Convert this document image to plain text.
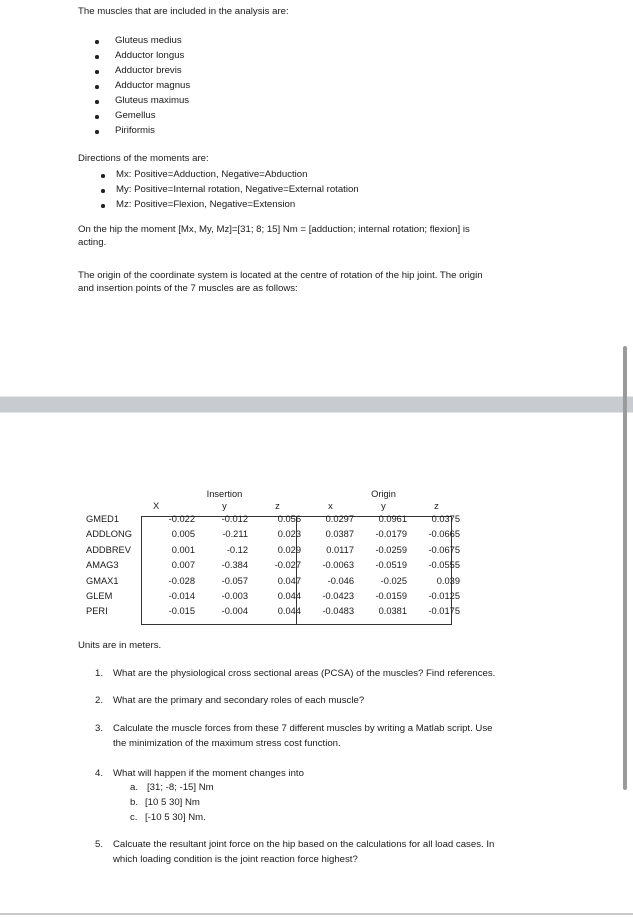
The muscles that are included in the analysis are:
Gluteus medius
Adductor longus
Adductor brevis
Adductor magnus
Gluteus maximus
Gemellus
Piriformis
Directions of the moments are:
Mx: Positive=Adduction, Negative=Abduction
My: Positive=Internal rotation, Negative=External rotation
Mz: Positive=Flexion, Negative=Extension
On the hip the moment [Mx, My, Mz]=[31; 8; 15] Nm = [adduction; internal rotation; flexion] is
acting.
The origin of the coordinate system is located at the centre of rotation of the hip joint. The origin
and insertion points of the 7 muscles are as follows:
	Insertion			Origin		
	X	y	z	x	y	z
GMED1	-0.022	-0.012	0.056	0.0297	0.0961	0.0375
ADDLONG	0.005	-0.211	0.023	0.0387	-0.0179	-0.0665
ADDBREV	0.001	-0.12	0.029	0.0117	-0.0259	-0.0675
AMAG3	0.007	-0.384	-0.027	-0.0063	-0.0519	-0.0555
GMAX1	-0.028	-0.057	0.047	-0.046	-0.025	0.039
GLEM	-0.014	-0.003	0.044	-0.0423	-0.0159	-0.0125
PERI	-0.015	-0.004	0.044	-0.0483	0.0381	-0.0175
Units are in meters.
1. What are the physiological cross sectional areas (PCSA) of the muscles? Find references.
2. What are the primary and secondary roles of each muscle?
3. Calculate the muscle forces from these 7 different muscles by writing a Matlab script. Use
the minimization of the maximum stress cost function.
4. What will happen if the moment changes into
a. [31; -8; -15] Nm
b. [10 5 30] Nm
c. [-10 5 30] Nm.
5. Calcuate the resultant joint force on the hip based on the calculations for all load cases. In
which loading condition is the joint reaction force highest?
